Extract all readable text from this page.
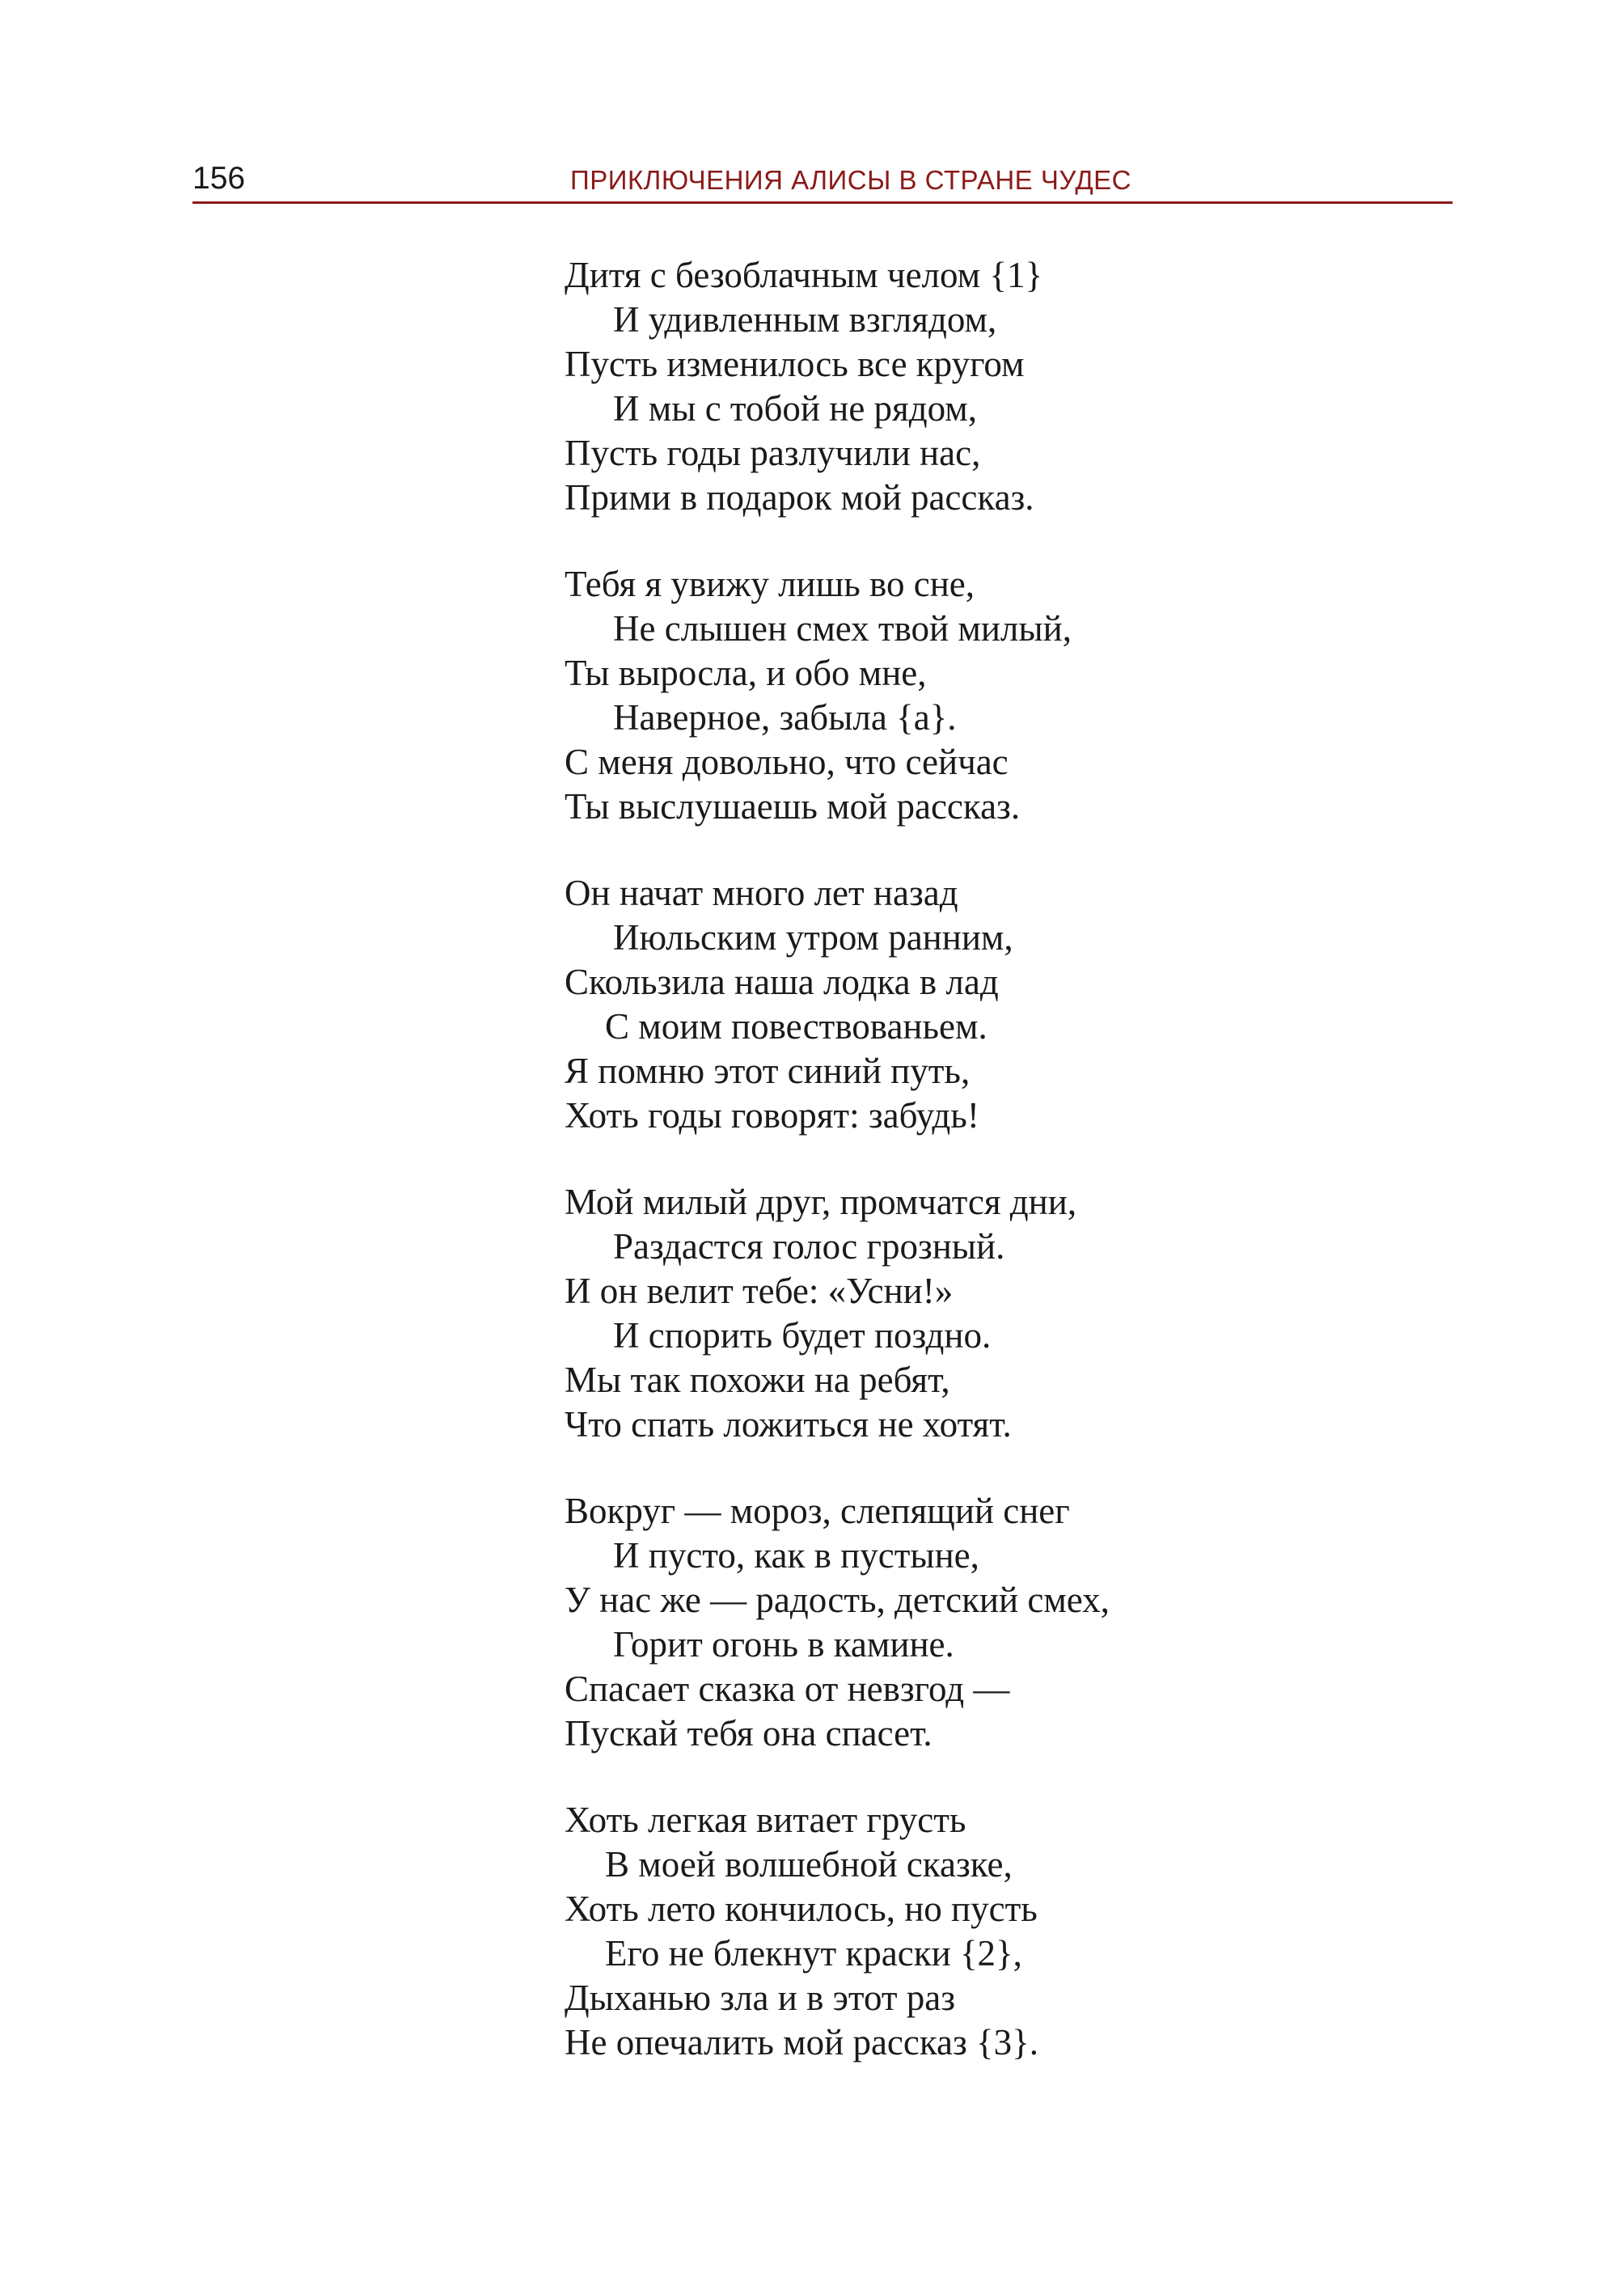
156	ПРИКЛЮЧЕНИЯ АЛИСЫ В СТРАНЕ ЧУДЕС
Дитя с безоблачным челом {1}
И удивленным взглядом,
Пусть изменилось все кругом
И мы с тобой не рядом,
Пусть годы разлучили нас,
Прими в подарок мой рассказ.
Тебя я увижу лишь во сне,
Не слышен смех твой милый,
Ты выросла, и обо мне,
Наверное, забыла {а}.
С меня довольно, что сейчас
Ты выслушаешь мой рассказ.
Он начат много лет назад
Июльским утром ранним,
Скользила наша лодка в лад
С моим повествованьем.
Я помню этот синий путь,
Хоть годы говорят: забудь!
Мой милый друг, промчатся дни,
Раздастся голос грозный.
И он велит тебе: «Усни!»
И спорить будет поздно.
Мы так похожи на ребят,
Что спать ложиться не хотят.
Вокруг — мороз, слепящий снег
И пусто, как в пустыне,
У нас же — радость, детский смех,
Горит огонь в камине.
Спасает сказка от невзгод —
Пускай тебя она спасет.
Хоть легкая витает грусть
В моей волшебной сказке,
Хоть лето кончилось, но пусть
Его не блекнут краски {2},
Дыханью зла и в этот раз
Не опечалить мой рассказ {3}.
